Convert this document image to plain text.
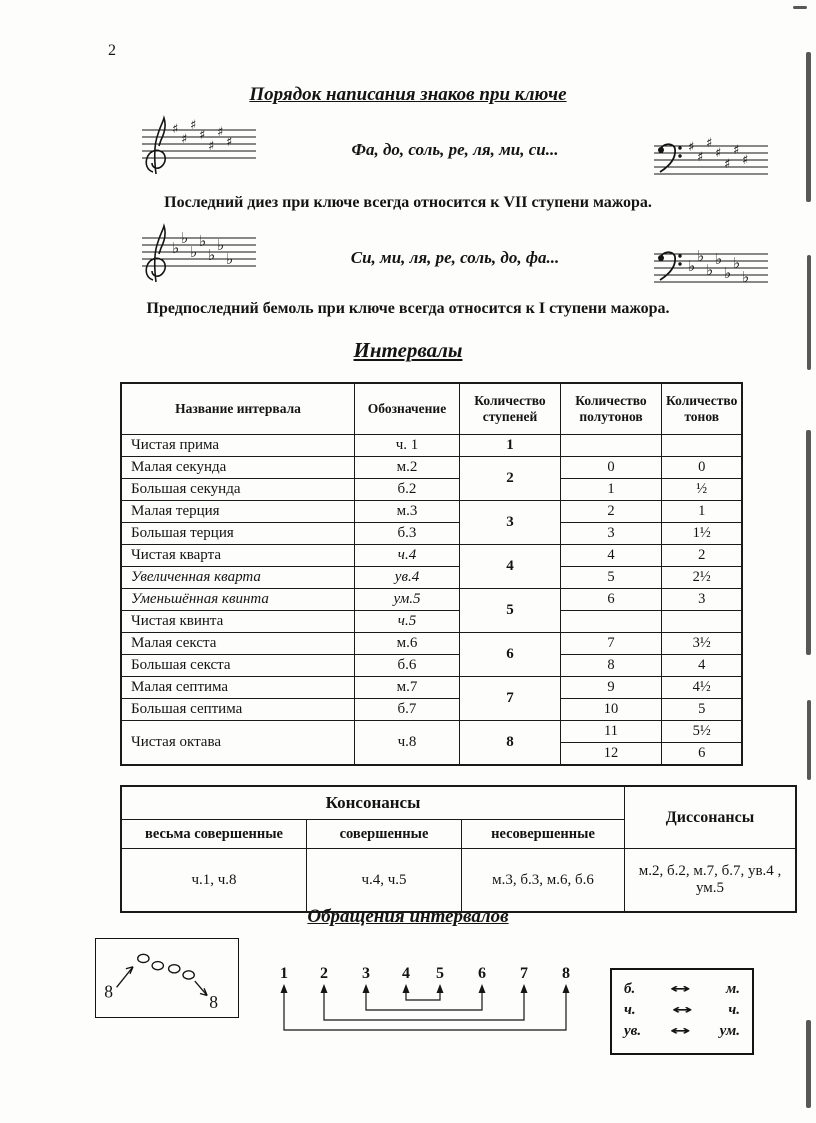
2
Порядок написания знаков при ключе
♯
♯
♯
♯
♯
♯
♯	Фа, до, соль, ре, ля, ми, си...	♯
♯
♯
♯
♯
♯
♯
Последний диез при ключе всегда относится к VII ступени мажора.
♭
♭
♭
♭
♭
♭
♭	Си, ми, ля, ре, соль, до, фа...	♭
♭
♭
♭
♭
♭
♭
Предпоследний бемоль при ключе всегда относится к I ступени мажора.
Интервалы
Название интервала	Обозначение	Количество ступеней	Количество полутонов	Количество тонов
Чистая прима	ч. 1	1		
Малая секунда	м.2	2	0	0
Большая секунда	б.2		1	½
Малая терция	м.3	3	2	1
Большая терция	б.3		3	1½
Чистая кварта	ч.4	4	4	2
Увеличенная кварта	ув.4		5	2½
Уменьшённая квинта	ум.5	5	6	3
Чистая квинта	ч.5			
Малая секста	м.6	6	7	3½
Большая секста	б.6		8	4
Малая септима	м.7	7	9	4½
Большая септима	б.7		10	5
Чистая октава	ч.8	8	11	5½
			12	6
Консонансы			Диссонансы
весьма совершенные	совершенные	несовершенные	
ч.1, ч.8	ч.4, ч.5	м.3, б.3, м.6, б.6	м.2, б.2, м.7, б.7, ув.4 , ум.5
Обращения интервалов
8
8
1 2 3 4 5 6 7 8
б.	↔ м.
ч.	↔ ч.
ув. ↔ ум.
